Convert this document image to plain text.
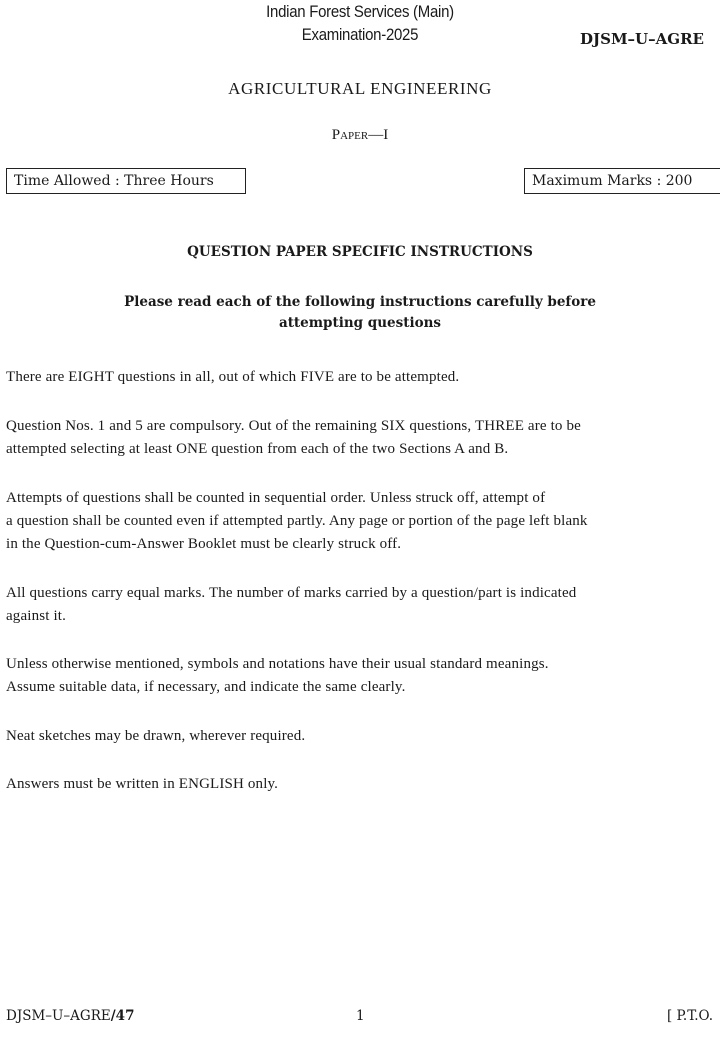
Indian Forest Services (Main)
Examination-2025	DJSM–U–AGRE
AGRICULTURAL ENGINEERING
Paper—I
Time Allowed : Three Hours	Maximum Marks : 200
QUESTION PAPER SPECIFIC INSTRUCTIONS
Please read each of the following instructions carefully before
attempting questions
There are EIGHT questions in all, out of which FIVE are to be attempted.
Question Nos. 1 and 5 are compulsory. Out of the remaining SIX questions, THREE are to be
attempted selecting at least ONE question from each of the two Sections A and B.
Attempts of questions shall be counted in sequential order. Unless struck off, attempt of
a question shall be counted even if attempted partly. Any page or portion of the page left blank
in the Question-cum-Answer Booklet must be clearly struck off.
All questions carry equal marks. The number of marks carried by a question/part is indicated
against it.
Unless otherwise mentioned, symbols and notations have their usual standard meanings.
Assume suitable data, if necessary, and indicate the same clearly.
Neat sketches may be drawn, wherever required.
Answers must be written in ENGLISH only.
DJSM–U–AGRE/47	1	[ P.T.O.
